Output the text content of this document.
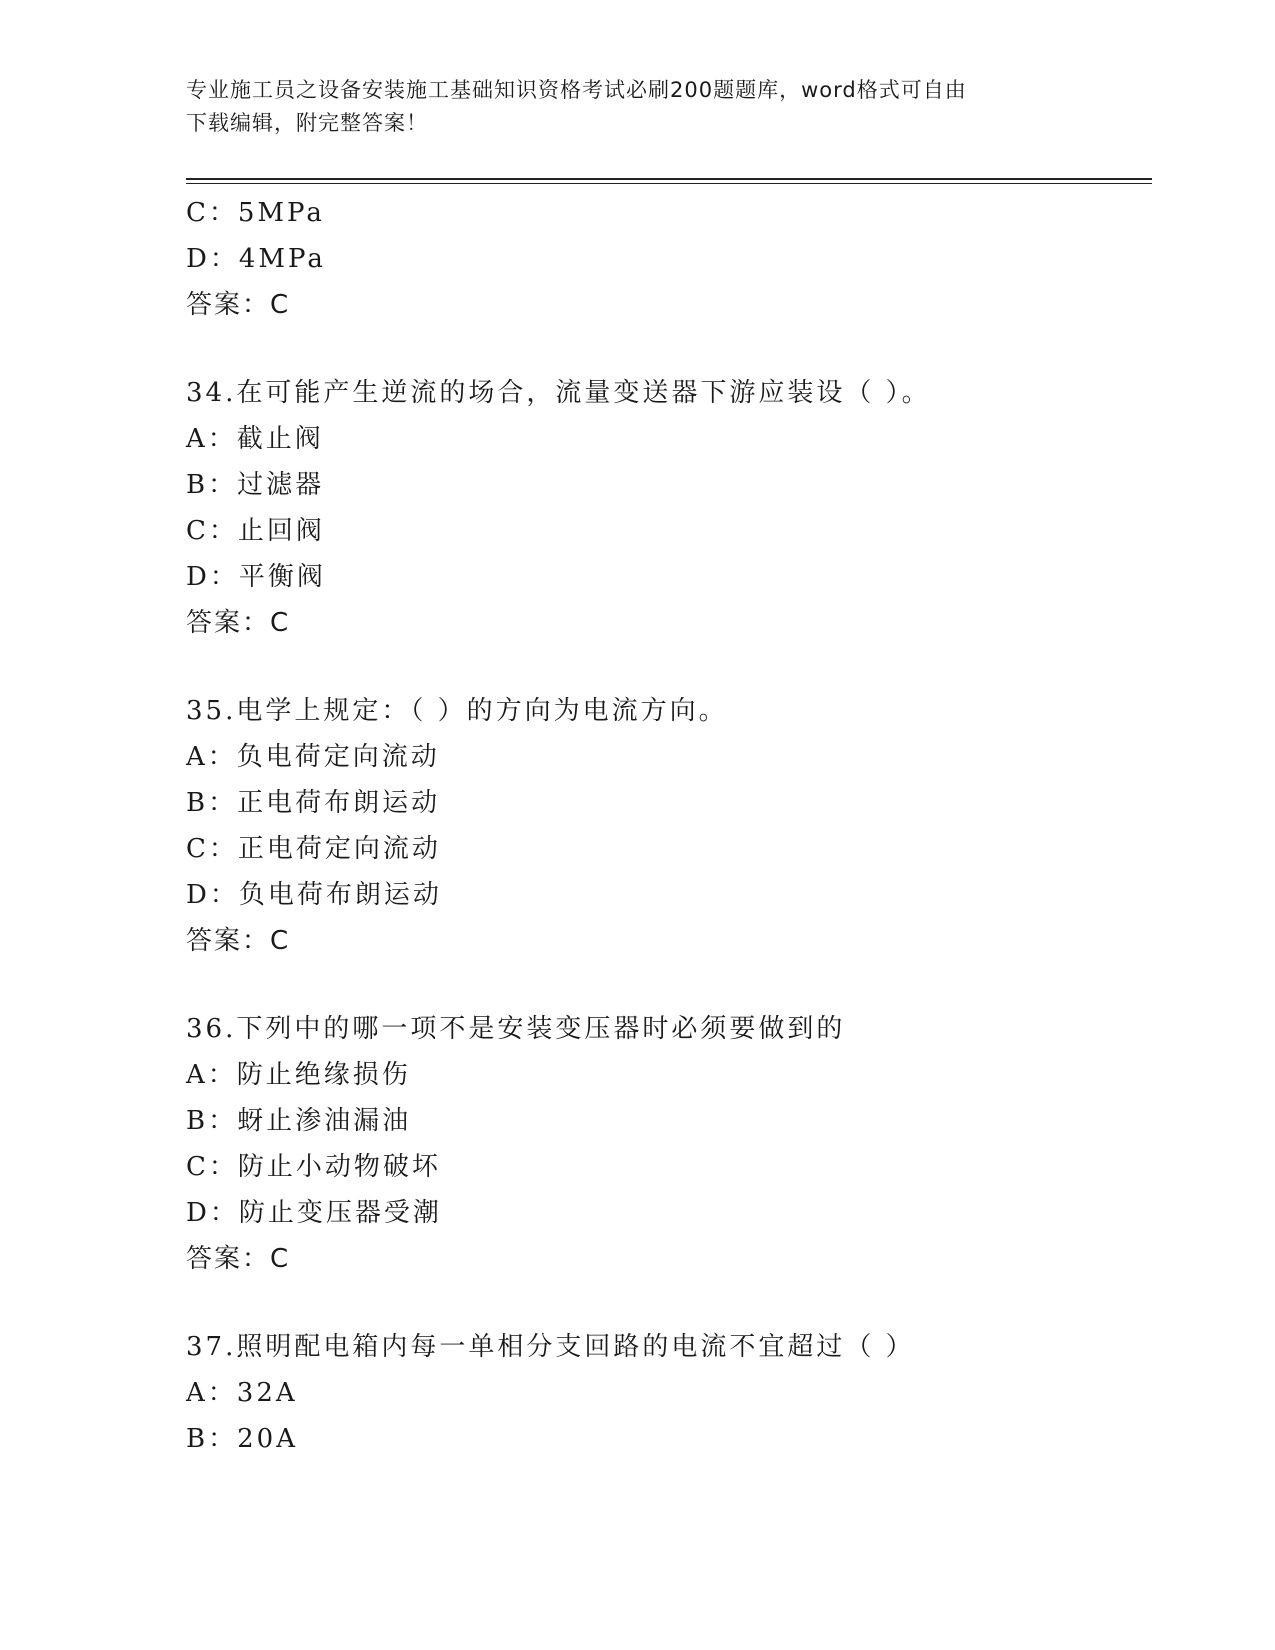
专业施工员之设备安装施工基础知识资格考试必刷200题题库，word格式可自由
下载编辑，附完整答案！
C：5MPa
D：4MPa
答案：C
34.在可能产生逆流的场合，流量变送器下游应装设（ ）。
A：截止阀
B：过滤器
C：止回阀
D：平衡阀
答案：C
35.电学上规定：（ ）的方向为电流方向。
A：负电荷定向流动
B：正电荷布朗运动
C：正电荷定向流动
D：负电荷布朗运动
答案：C
36.下列中的哪一项不是安装变压器时必须要做到的
A：防止绝缘损伤
B：蚜止渗油漏油
C：防止小动物破坏
D：防止变压器受潮
答案：C
37.照明配电箱内每一单相分支回路的电流不宜超过（ ）
A：32A
B：20A
